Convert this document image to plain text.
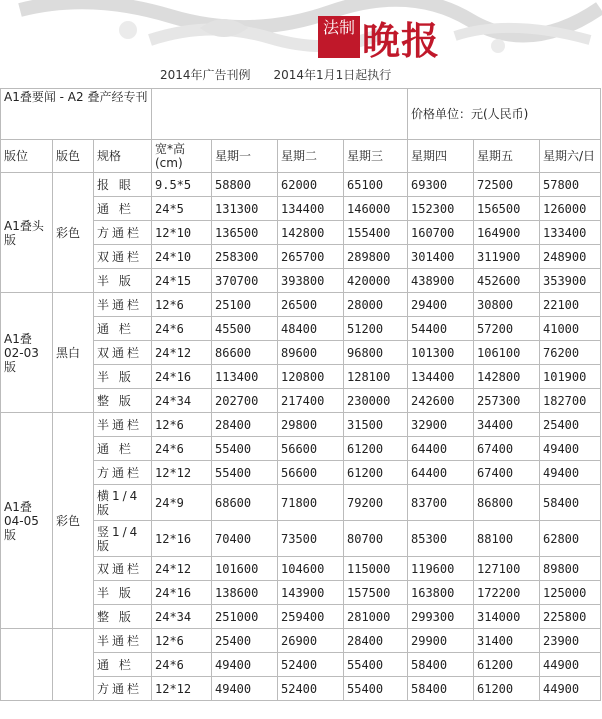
法制 晚报
2014年广告刊例 2014年1月1日起执行
A1叠要闻 - A2 叠产经专刊							价格单位：元(人民币)		
版位	版色	规格	宽*高(cm)	星期一	星期二	星期三	星期四	星期五	星期六/日
A1叠头版	彩色	报 眼	9.5*5	58800	62000	65100	69300	72500	57800
		通 栏	24*5	131300	134400	146000	152300	156500	126000
		方通栏	12*10	136500	142800	155400	160700	164900	133400
		双通栏	24*10	258300	265700	289800	301400	311900	248900
		半 版	24*15	370700	393800	420000	438900	452600	353900
A1叠02-03版	黑白	半通栏	12*6	25100	26500	28000	29400	30800	22100
		通 栏	24*6	45500	48400	51200	54400	57200	41000
		双通栏	24*12	86600	89600	96800	101300	106100	76200
		半 版	24*16	113400	120800	128100	134400	142800	101900
		整 版	24*34	202700	217400	230000	242600	257300	182700
A1叠04-05版	彩色	半通栏	12*6	28400	29800	31500	32900	34400	25400
		通 栏	24*6	55400	56600	61200	64400	67400	49400
		方通栏	12*12	55400	56600	61200	64400	67400	49400
		横1/4版	24*9	68600	71800	79200	83700	86800	58400
		竖1/4版	12*16	70400	73500	80700	85300	88100	62800
		双通栏	24*12	101600	104600	115000	119600	127100	89800
		半 版	24*16	138600	143900	157500	163800	172200	125000
		整 版	24*34	251000	259400	281000	299300	314000	225800
		半通栏	12*6	25400	26900	28400	29900	31400	23900
		通 栏	24*6	49400	52400	55400	58400	61200	44900
		方通栏	12*12	49400	52400	55400	58400	61200	44900
